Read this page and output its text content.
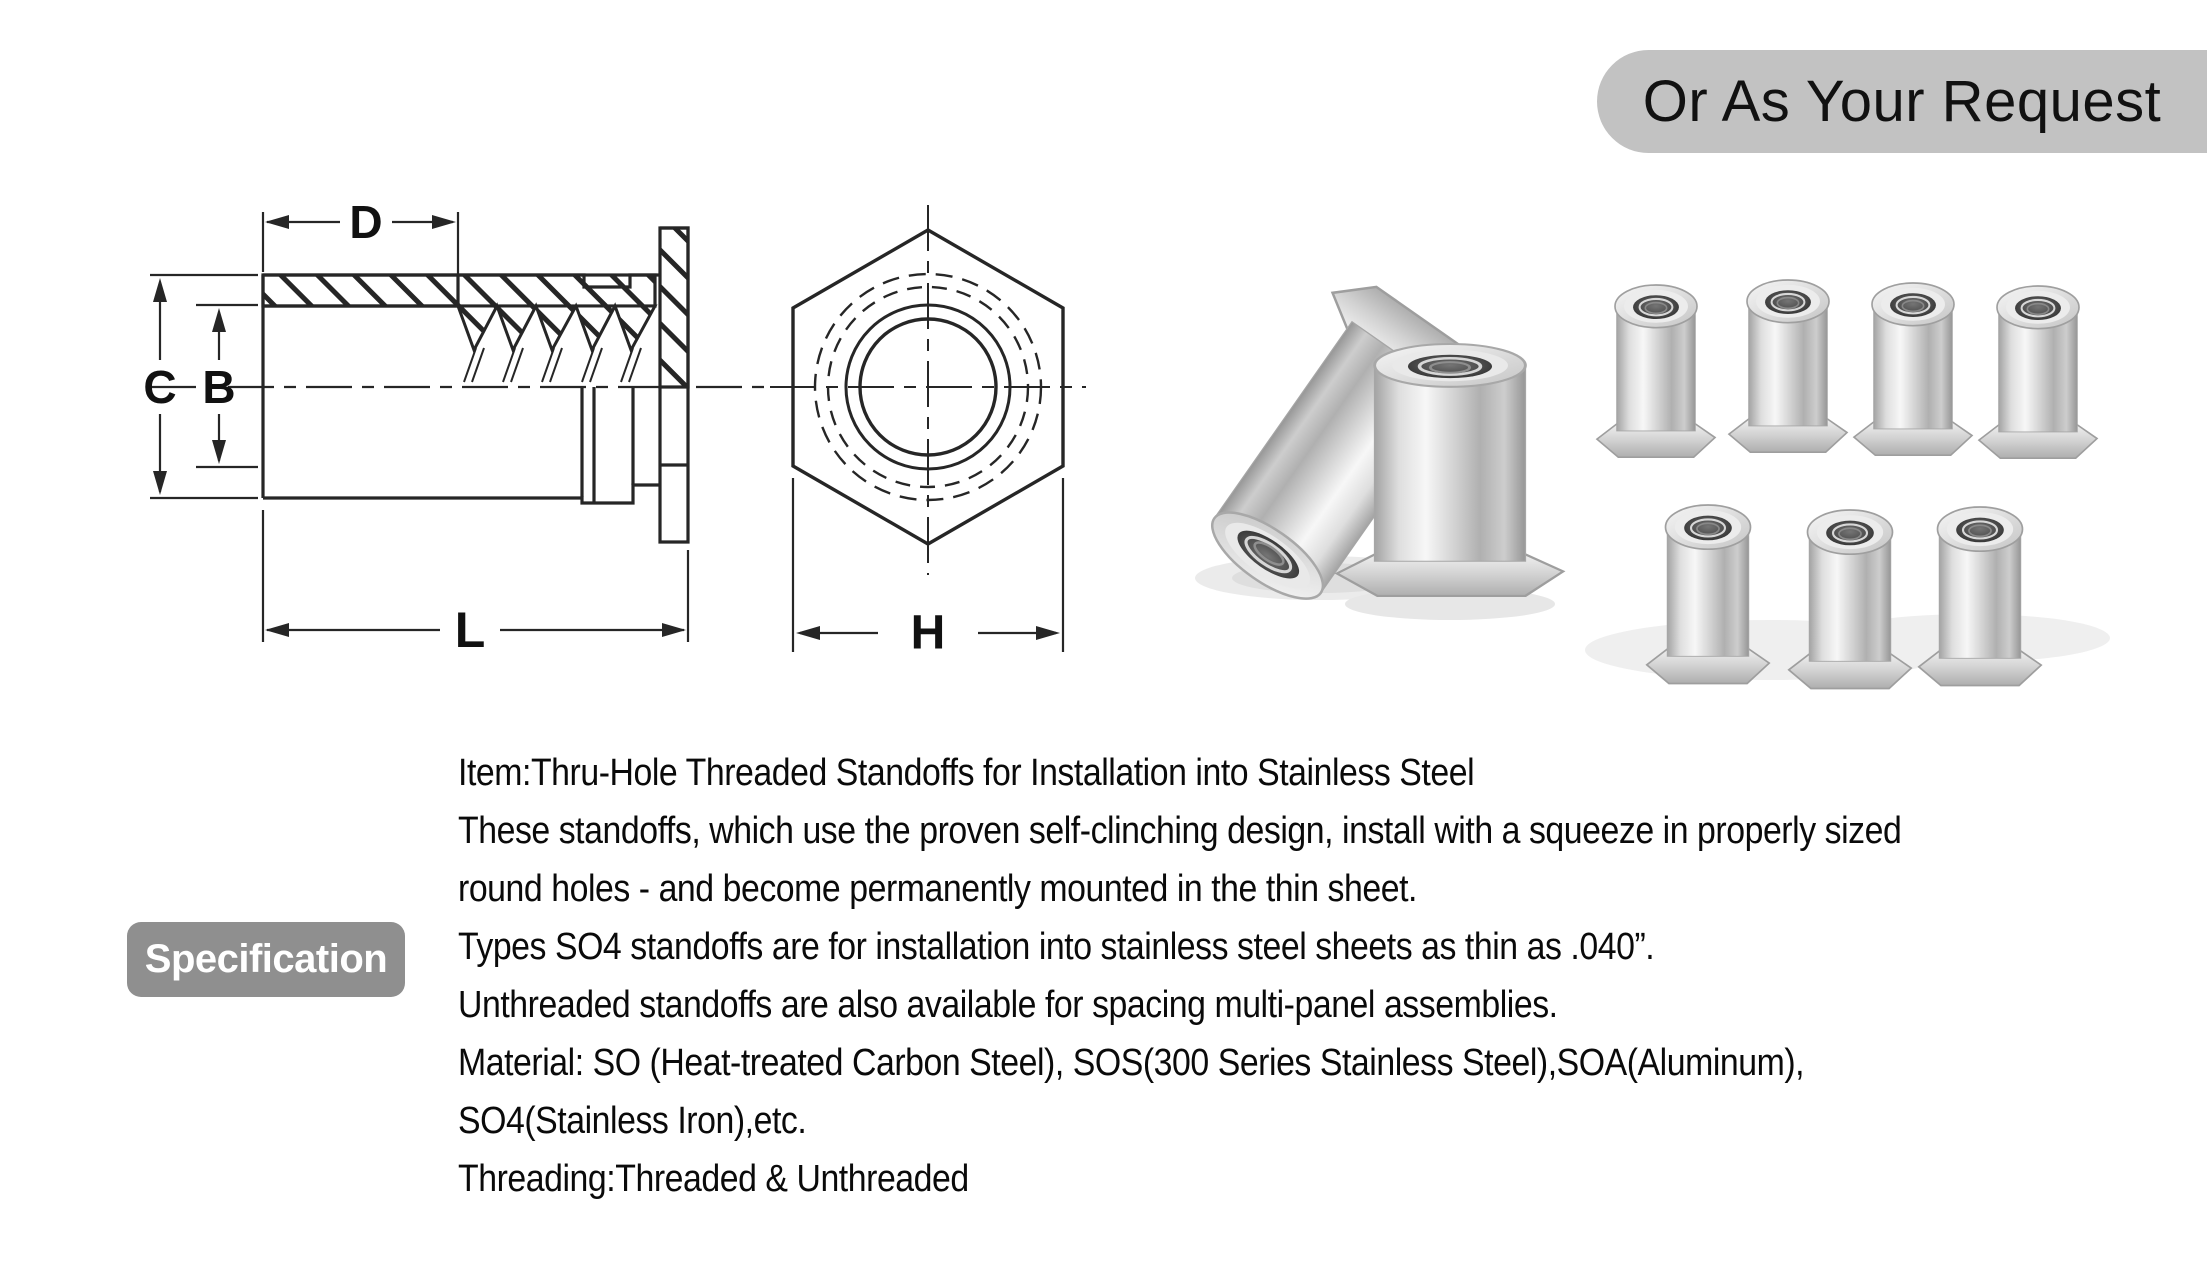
Or As Your Request
D
C B
L	H
Specification
Item:Thru-Hole Threaded Standoffs for Installation into Stainless Steel
These standoffs, which use the proven self-clinching design, install with a squeeze in properly sized
round holes - and become permanently mounted in the thin sheet.
Types SO4 standoffs are for installation into stainless steel sheets as thin as .040”.
Unthreaded standoffs are also available for spacing multi-panel assemblies.
Material: SO (Heat-treated Carbon Steel), SOS(300 Series Stainless Steel),SOA(Aluminum),
SO4(Stainless Iron),etc.
Threading:Threaded & Unthreaded
